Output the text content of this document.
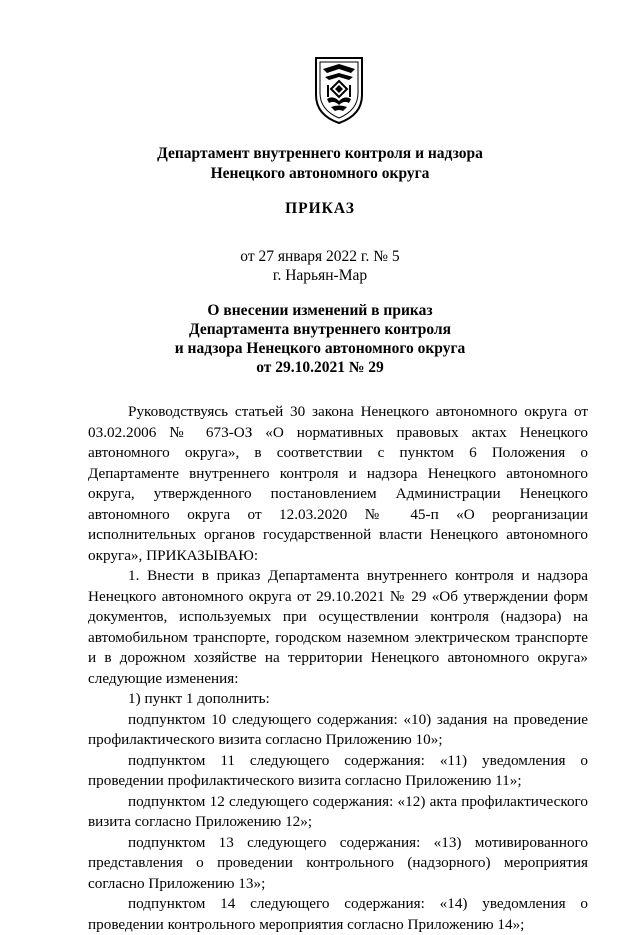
Департамент внутреннего контроля и надзора
Ненецкого автономного округа
ПРИКАЗ
от 27 января 2022 г. № 5
г. Нарьян-Мар
О внесении изменений в приказ
Департамента внутреннего контроля
и надзора Ненецкого автономного округа
от 29.10.2021 № 29

Руководствуясь статьей 30 закона Ненецкого автономного округа от 03.02.2006 № 673-ОЗ «О нормативных правовых актах Ненецкого автономного округа», в соответствии с пунктом 6 Положения о Департаменте внутреннего контроля и надзора Ненецкого автономного округа, утвержденного постановлением Администрации Ненецкого автономного округа от 12.03.2020 № 45-п «О реорганизации исполнительных органов государственной власти Ненецкого автономного округа», ПРИКАЗЫВАЮ:

1. Внести в приказ Департамента внутреннего контроля и надзора Ненецкого автономного округа от 29.10.2021 № 29 «Об утверждении форм документов, используемых при осуществлении контроля (надзора) на автомобильном транспорте, городском наземном электрическом транспорте и в дорожном хозяйстве на территории Ненецкого автономного округа» следующие изменения:

1) пункт 1 дополнить:

подпунктом 10 следующего содержания: «10) задания на проведение профилактического визита согласно Приложению 10»;

подпунктом 11 следующего содержания: «11) уведомления о проведении профилактического визита согласно Приложению 11»;

подпунктом 12 следующего содержания: «12) акта профилактического визита согласно Приложению 12»;

подпунктом 13 следующего содержания: «13) мотивированного представления о проведении контрольного (надзорного) мероприятия согласно Приложению 13»;

подпунктом 14 следующего содержания: «14) уведомления о проведении контрольного мероприятия согласно Приложению 14»;
